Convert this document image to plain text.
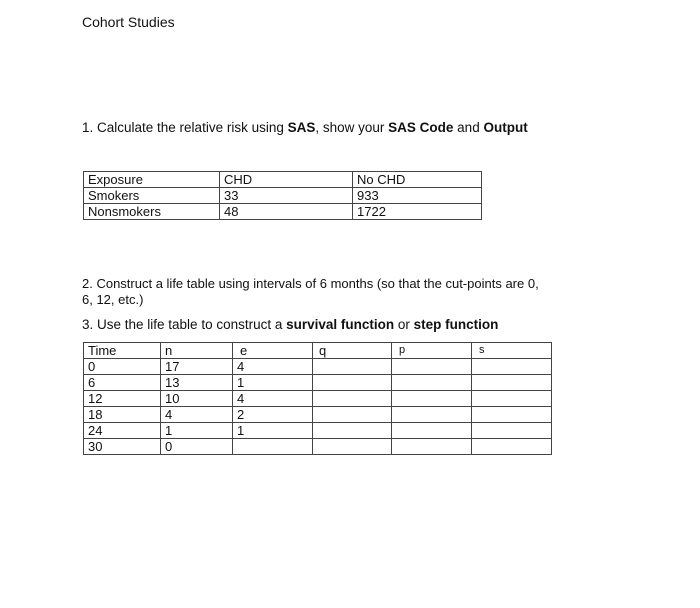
Cohort Studies
1. Calculate the relative risk using SAS, show your SAS Code and Output
Exposure	CHD	No CHD
Smokers	33	933
Nonsmokers	48	1722
2. Construct a life table using intervals of 6 months (so that the cut-points are 0, 6, 12, etc.)
3. Use the life table to construct a survival function or step function
Time	n	e	q	p	s
0	17	4			
6	13	1			
12	10	4			
18	4	2			
24	1	1			
30	0				
